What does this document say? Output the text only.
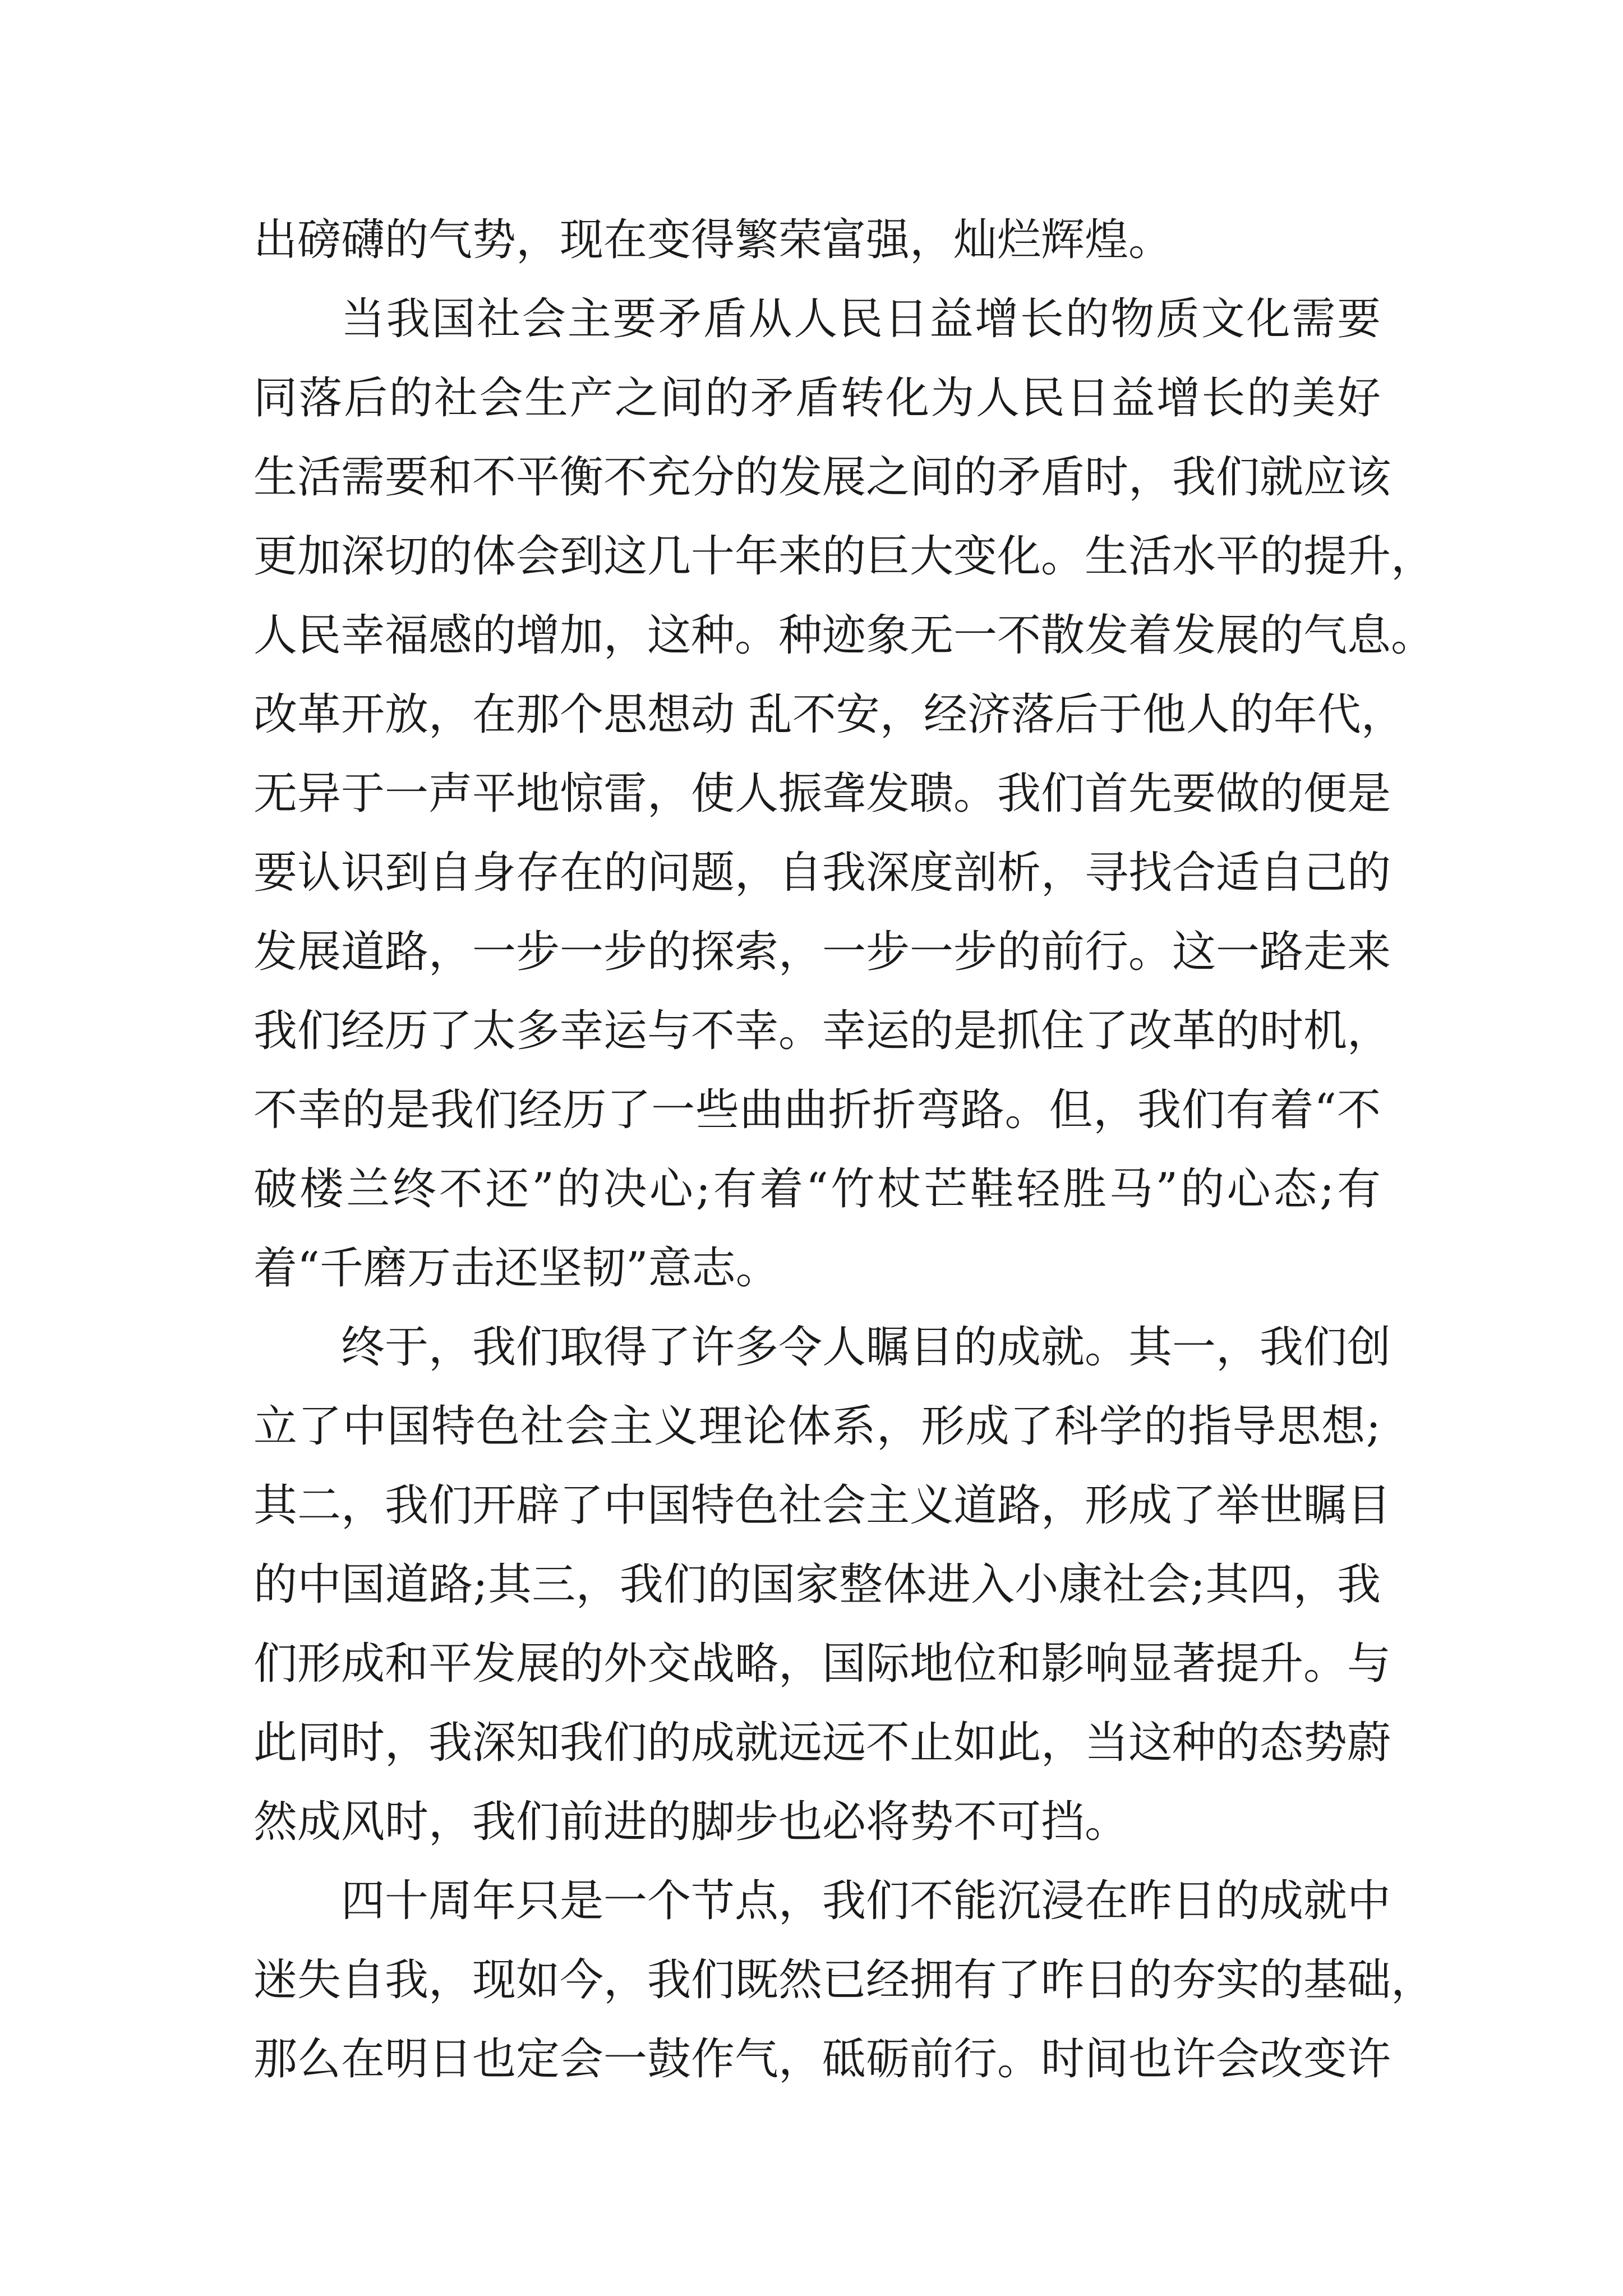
出磅礴的气势，现在变得繁荣富强，灿烂辉煌。
当我国社会主要矛盾从人民日益增长的物质文化需要
同落后的社会生产之间的矛盾转化为人民日益增长的美好
生活需要和不平衡不充分的发展之间的矛盾时，我们就应该
更加深切的体会到这几十年来的巨大变化。生活水平的提升，
人民幸福感的增加，这种。种迹象无一不散发着发展的气息。
改革开放，在那个思想动 乱不安，经济落后于他人的年代，
无异于一声平地惊雷，使人振聋发聩。我们首先要做的便是
要认识到自身存在的问题，自我深度剖析，寻找合适自己的
发展道路，一步一步的探索，一步一步的前行。这一路走来
我们经历了太多幸运与不幸。幸运的是抓住了改革的时机，
不幸的是我们经历了一些曲曲折折弯路。但，我们有着“不
破楼兰终不还”的决心;有着“竹杖芒鞋轻胜马”的心态;有
着“千磨万击还坚韧”意志。
终于，我们取得了许多令人瞩目的成就。其一，我们创
立了中国特色社会主义理论体系，形成了科学的指导思想;
其二，我们开辟了中国特色社会主义道路，形成了举世瞩目
的中国道路;其三，我们的国家整体进入小康社会;其四，我
们形成和平发展的外交战略，国际地位和影响显著提升。与
此同时，我深知我们的成就远远不止如此，当这种的态势蔚
然成风时，我们前进的脚步也必将势不可挡。
四十周年只是一个节点，我们不能沉浸在昨日的成就中
迷失自我，现如今，我们既然已经拥有了昨日的夯实的基础，
那么在明日也定会一鼓作气，砥砺前行。时间也许会改变许
